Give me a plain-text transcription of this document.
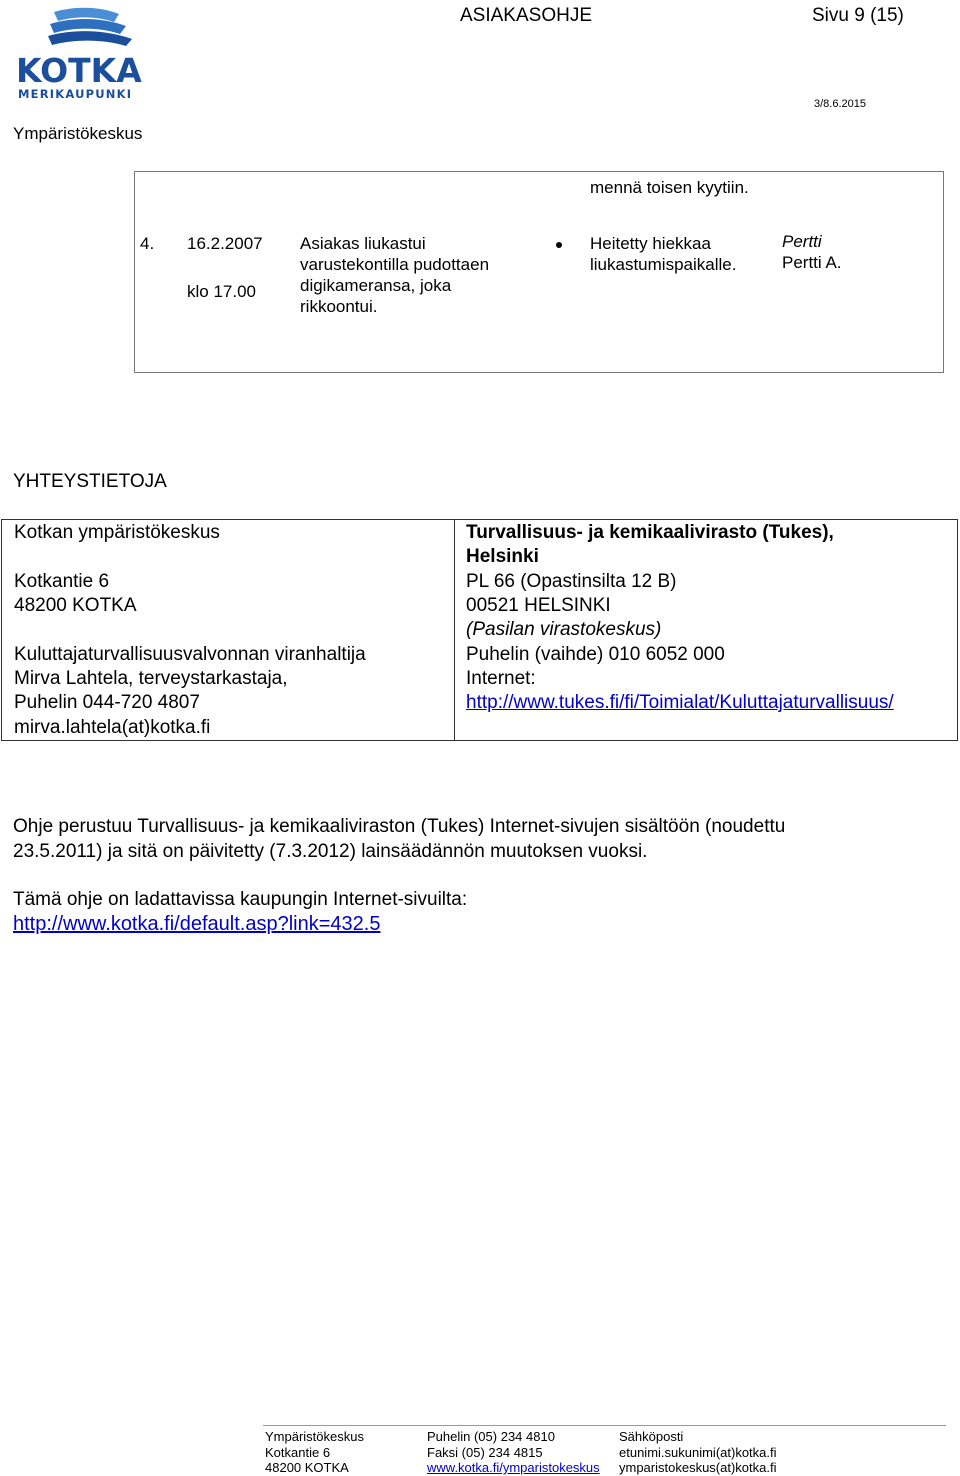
KOTKA
MERIKAUPUNKI
ASIAKASOHJE	Sivu 9 (15)
3/8.6.2015
Ympäristökeskus
mennä toisen kyytiin.
4. 16.2.2007
klo 17.00
Asiakas liukastui
varustekontilla pudottaen
digikameransa, joka
rikkoontui.
Heitetty hiekkaa
liukastumispaikalle.
Pertti
Pertti A.
YHTEYSTIETOJA
Kotkan ympäristökeskus
Kotkantie 6
48200 KOTKA
Kuluttajaturvallisuusvalvonnan viranhaltija
Mirva Lahtela, terveystarkastaja,
Puhelin 044-720 4807
mirva.lahtela(at)kotka.fi
Turvallisuus- ja kemikaalivirasto (Tukes),
Helsinki
PL 66 (Opastinsilta 12 B)
00521 HELSINKI
(Pasilan virastokeskus)
Puhelin (vaihde) 010 6052 000
Internet:
http://www.tukes.fi/fi/Toimialat/Kuluttajaturvallisuus/
Ohje perustuu Turvallisuus- ja kemikaaliviraston (Tukes) Internet-sivujen sisältöön (noudettu
23.5.2011) ja sitä on päivitetty (7.3.2012) lainsäädännön muutoksen vuoksi.
Tämä ohje on ladattavissa kaupungin Internet-sivuilta:
http://www.kotka.fi/default.asp?link=432.5
Ympäristökeskus
Kotkantie 6
48200 KOTKA
Puhelin (05) 234 4810
Faksi (05) 234 4815
www.kotka.fi/ymparistokeskus
Sähköposti
etunimi.sukunimi(at)kotka.fi
ymparistokeskus(at)kotka.fi
